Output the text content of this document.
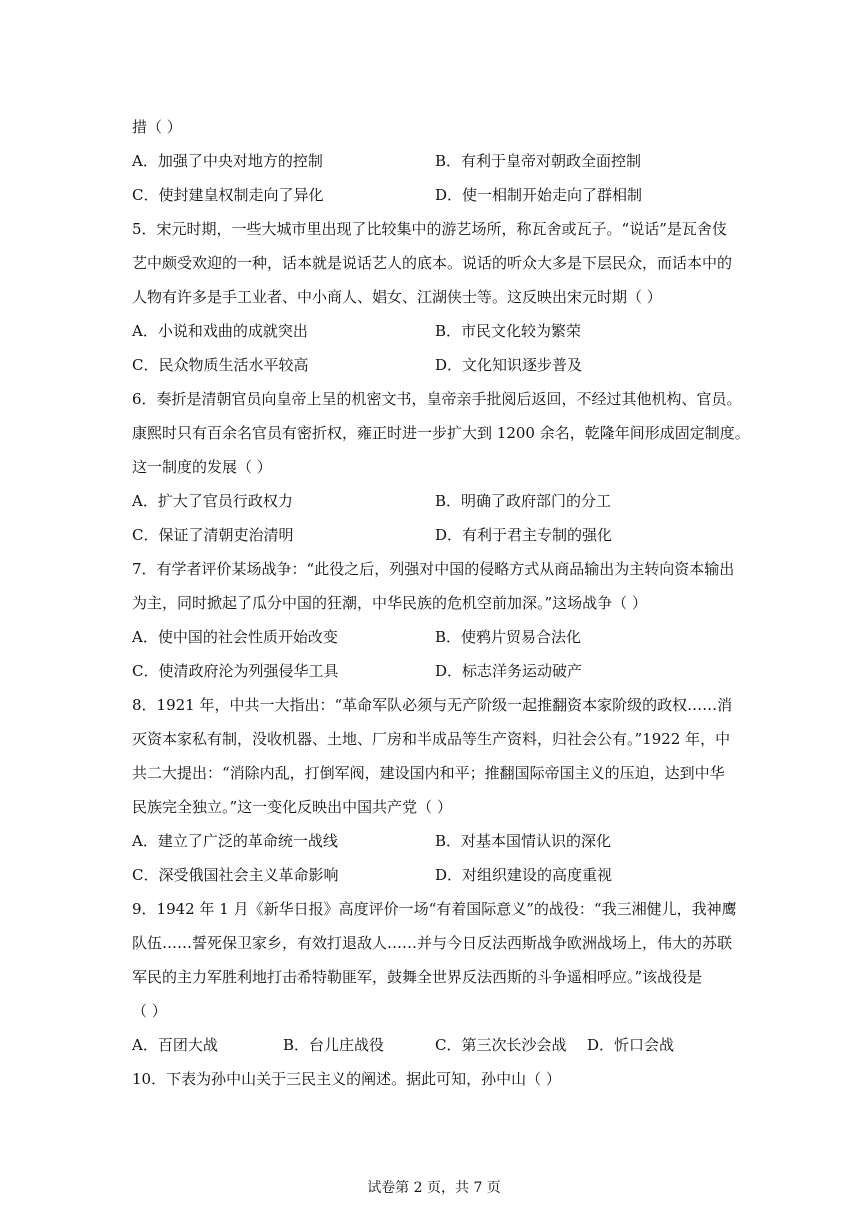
措（ ）
A．加强了中央对地方的控制	B．有利于皇帝对朝政全面控制
C．使封建皇权制走向了异化	D．使一相制开始走向了群相制
5．宋元时期，一些大城市里出现了比较集中的游艺场所，称瓦舍或瓦子。“说话”是瓦舍伎
艺中颇受欢迎的一种，话本就是说话艺人的底本。说话的听众大多是下层民众，而话本中的
人物有许多是手工业者、中小商人、娼女、江湖侠士等。这反映出宋元时期（ ）
A．小说和戏曲的成就突出	B．市民文化较为繁荣
C．民众物质生活水平较高	D．文化知识逐步普及
6．奏折是清朝官员向皇帝上呈的机密文书，皇帝亲手批阅后返回，不经过其他机构、官员。
康熙时只有百余名官员有密折权，雍正时进一步扩大到 1200 余名，乾隆年间形成固定制度。
这一制度的发展（ ）
A．扩大了官员行政权力	B．明确了政府部门的分工
C．保证了清朝吏治清明	D．有利于君主专制的强化
7．有学者评价某场战争：“此役之后，列强对中国的侵略方式从商品输出为主转向资本输出
为主，同时掀起了瓜分中国的狂潮，中华民族的危机空前加深。”这场战争（ ）
A．使中国的社会性质开始改变	B．使鸦片贸易合法化
C．使清政府沦为列强侵华工具	D．标志洋务运动破产
8．1921 年，中共一大指出：“革命军队必须与无产阶级一起推翻资本家阶级的政权……消
灭资本家私有制，没收机器、土地、厂房和半成品等生产资料，归社会公有。”1922 年，中
共二大提出：“消除内乱，打倒军阀，建设国内和平；推翻国际帝国主义的压迫，达到中华
民族完全独立。”这一变化反映出中国共产党（ ）
A．建立了广泛的革命统一战线	B．对基本国情认识的深化
C．深受俄国社会主义革命影响	D．对组织建设的高度重视
9．1942 年 1 月《新华日报》高度评价一场“有着国际意义”的战役：“我三湘健儿，我神鹰
队伍……誓死保卫家乡，有效打退敌人……并与今日反法西斯战争欧洲战场上，伟大的苏联
军民的主力军胜利地打击希特勒匪军，鼓舞全世界反法西斯的斗争遥相呼应。”该战役是
（ ）
A．百团大战	B．台儿庄战役	C．第三次长沙会战	D．忻口会战
10．下表为孙中山关于三民主义的阐述。据此可知，孙中山（ ）
试卷第 2 页，共 7 页
